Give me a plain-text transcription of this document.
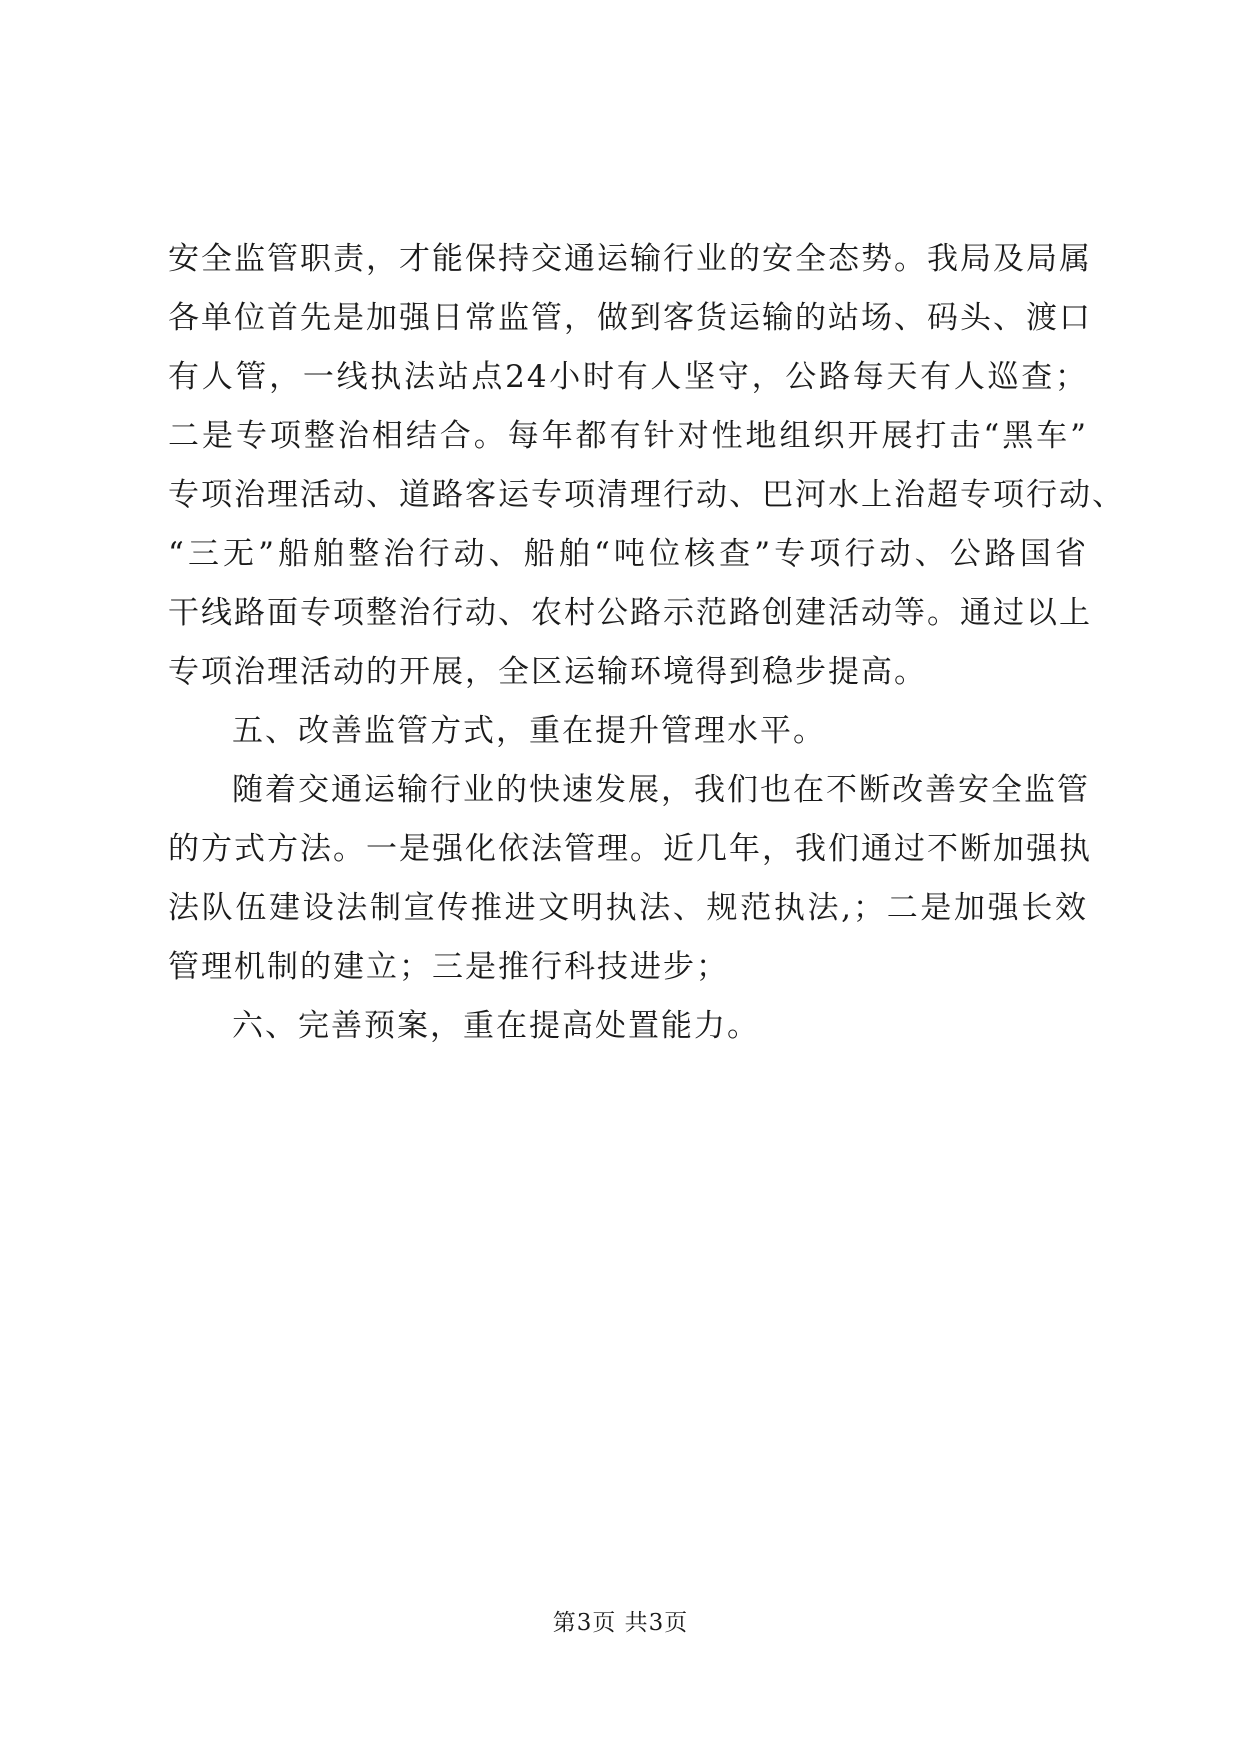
安全监管职责，才能保持交通运输行业的安全态势。我局及局属
各单位首先是加强日常监管，做到客货运输的站场、码头、渡口
有人管，一线执法站点24小时有人坚守，公路每天有人巡查；
二是专项整治相结合。每年都有针对性地组织开展打击“黑车”
专项治理活动、道路客运专项清理行动、巴河水上治超专项行动、
“三无”船舶整治行动、船舶“吨位核查”专项行动、公路国省
干线路面专项整治行动、农村公路示范路创建活动等。通过以上
专项治理活动的开展，全区运输环境得到稳步提高。
五、改善监管方式，重在提升管理水平。
随着交通运输行业的快速发展，我们也在不断改善安全监管
的方式方法。一是强化依法管理。近几年，我们通过不断加强执
法队伍建设法制宣传推进文明执法、规范执法,；二是加强长效
管理机制的建立；三是推行科技进步；
六、完善预案，重在提高处置能力。
第3页 共3页
